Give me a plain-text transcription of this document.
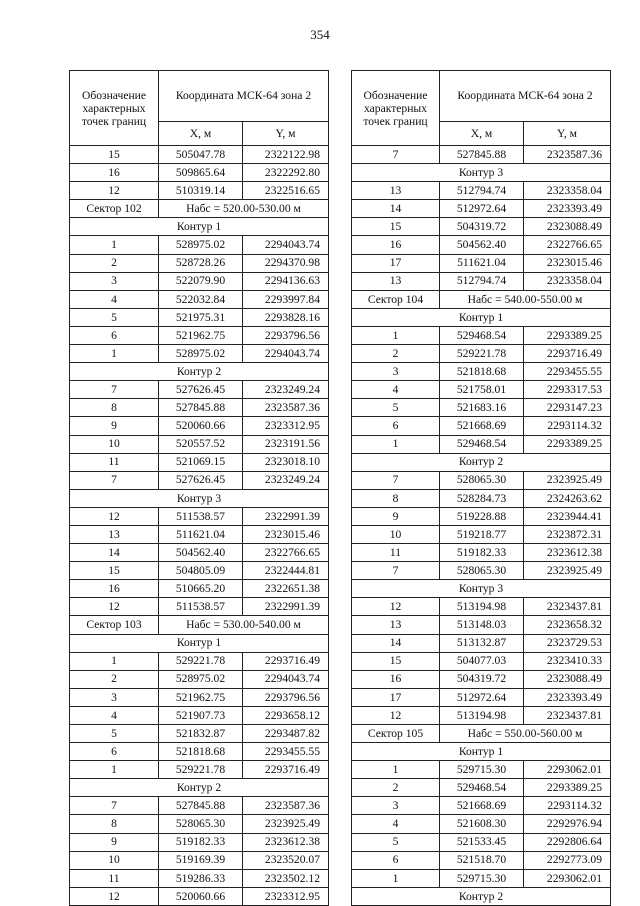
354
Обозначение характерных точек границ	Координата МСК-64 зона 2	
	X, м	Y, м
15	505047.78	2322122.98
16	509865.64	2322292.80
12	510319.14	2322516.65
Сектор 102	Набс = 520.00-530.00 м	
Контур 1		
1	528975.02	2294043.74
2	528728.26	2294370.98
3	522079.90	2294136.63
4	522032.84	2293997.84
5	521975.31	2293828.16
6	521962.75	2293796.56
1	528975.02	2294043.74
Контур 2		
7	527626.45	2323249.24
8	527845.88	2323587.36
9	520060.66	2323312.95
10	520557.52	2323191.56
11	521069.15	2323018.10
7	527626.45	2323249.24
Контур 3		
12	511538.57	2322991.39
13	511621.04	2323015.46
14	504562.40	2322766.65
15	504805.09	2322444.81
16	510665.20	2322651.38
12	511538.57	2322991.39
Сектор 103	Набс = 530.00-540.00 м	
Контур 1		
1	529221.78	2293716.49
2	528975.02	2294043.74
3	521962.75	2293796.56
4	521907.73	2293658.12
5	521832.87	2293487.82
6	521818.68	2293455.55
1	529221.78	2293716.49
Контур 2		
7	527845.88	2323587.36
8	528065.30	2323925.49
9	519182.33	2323612.38
10	519169.39	2323520.07
11	519286.33	2323502.12
12	520060.66	2323312.95
Обозначение характерных точек границ	Координата МСК-64 зона 2	
	X, м	Y, м
7	527845.88	2323587.36
Контур 3		
13	512794.74	2323358.04
14	512972.64	2323393.49
15	504319.72	2323088.49
16	504562.40	2322766.65
17	511621.04	2323015.46
13	512794.74	2323358.04
Сектор 104	Набс = 540.00-550.00 м	
Контур 1		
1	529468.54	2293389.25
2	529221.78	2293716.49
3	521818.68	2293455.55
4	521758.01	2293317.53
5	521683.16	2293147.23
6	521668.69	2293114.32
1	529468.54	2293389.25
Контур 2		
7	528065.30	2323925.49
8	528284.73	2324263.62
9	519228.88	2323944.41
10	519218.77	2323872.31
11	519182.33	2323612.38
7	528065.30	2323925.49
Контур 3		
12	513194.98	2323437.81
13	513148.03	2323658.32
14	513132.87	2323729.53
15	504077.03	2323410.33
16	504319.72	2323088.49
17	512972.64	2323393.49
12	513194.98	2323437.81
Сектор 105	Набс = 550.00-560.00 м	
Контур 1		
1	529715.30	2293062.01
2	529468.54	2293389.25
3	521668.69	2293114.32
4	521608.30	2292976.94
5	521533.45	2292806.64
6	521518.70	2292773.09
1	529715.30	2293062.01
Контур 2		
